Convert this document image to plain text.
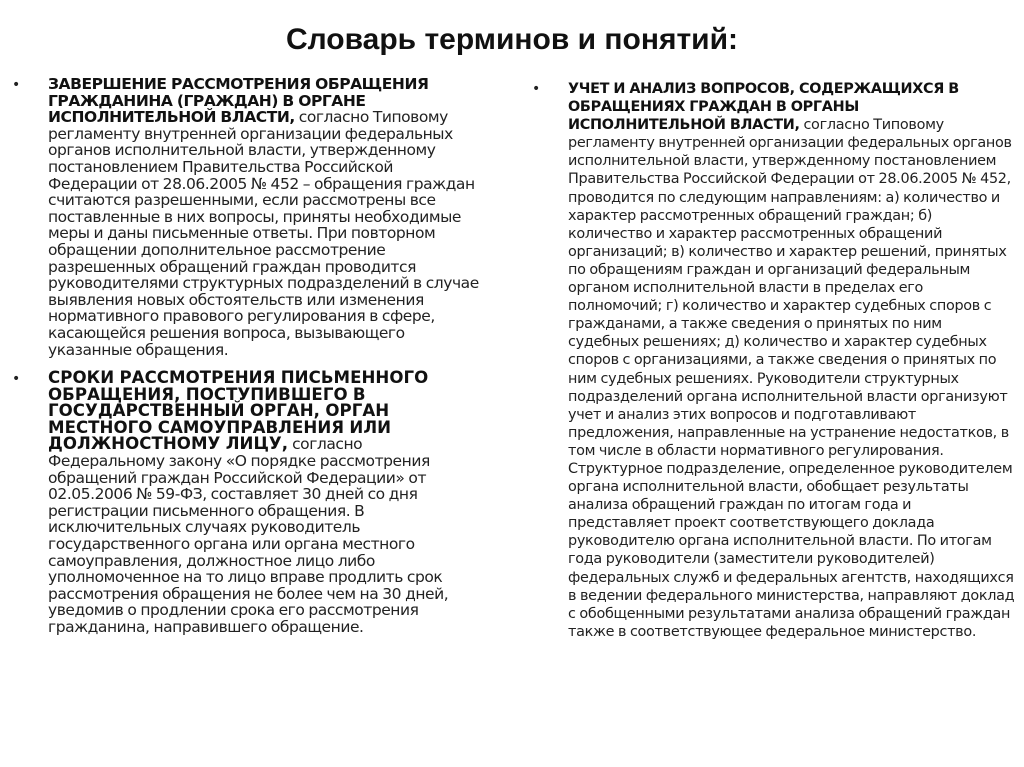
Словарь терминов и понятий:
• ЗАВЕРШЕНИЕ РАССМОТРЕНИЯ ОБРАЩЕНИЯ ГРАЖДАНИНА (ГРАЖДАН) В ОРГАНЕ ИСПОЛНИТЕЛЬНОЙ ВЛАСТИ, согласно Типовому регламенту внутренней организации федеральных органов исполнительной власти, утвержденному постановлением Правительства Российской Федерации от 28.06.2005 № 452 – обращения граждан считаются разрешенными, если рассмотрены все поставленные в них вопросы, приняты необходимые меры и даны письменные ответы. При повторном обращении дополнительное рассмотрение разрешенных обращений граждан проводится руководителями структурных подразделений в случае выявления новых обстоятельств или изменения нормативного правового регулирования в сфере, касающейся решения вопроса, вызывающего указанные обращения.
• СРОКИ РАССМОТРЕНИЯ ПИСЬМЕННОГО ОБРАЩЕНИЯ, ПОСТУПИВШЕГО В ГОСУДАРСТВЕННЫЙ ОРГАН, ОРГАН МЕСТНОГО САМОУПРАВЛЕНИЯ ИЛИ ДОЛЖНОСТНОМУ ЛИЦУ, согласно Федеральному закону «О порядке рассмотрения обращений граждан Российской Федерации» от 02.05.2006 № 59-ФЗ, составляет 30 дней со дня регистрации письменного обращения. В исключительных случаях руководитель государственного органа или органа местного самоуправления, должностное лицо либо уполномоченное на то лицо вправе продлить срок рассмотрения обращения не более чем на 30 дней, уведомив о продлении срока его рассмотрения гражданина, направившего обращение.
• УЧЕТ И АНАЛИЗ ВОПРОСОВ, СОДЕРЖАЩИХСЯ В ОБРАЩЕНИЯХ ГРАЖДАН В ОРГАНЫ ИСПОЛНИТЕЛЬНОЙ ВЛАСТИ, согласно Типовому регламенту внутренней организации федеральных органов исполнительной власти, утвержденному постановлением Правительства Российской Федерации от 28.06.2005 № 452, проводится по следующим направлениям: а) количество и характер рассмотренных обращений граждан; б) количество и характер рассмотренных обращений организаций; в) количество и характер решений, принятых по обращениям граждан и организаций федеральным органом исполнительной власти в пределах его полномочий; г) количество и характер судебных споров с гражданами, а также сведения о принятых по ним судебных решениях; д) количество и характер судебных споров с организациями, а также сведения о принятых по ним судебных решениях. Руководители структурных подразделений органа исполнительной власти организуют учет и анализ этих вопросов и подготавливают предложения, направленные на устранение недостатков, в том числе в области нормативного регулирования. Структурное подразделение, определенное руководителем органа исполнительной власти, обобщает результаты анализа обращений граждан по итогам года и представляет проект соответствующего доклада руководителю органа исполнительной власти. По итогам года руководители (заместители руководителей) федеральных служб и федеральных агентств, находящихся в ведении федерального министерства, направляют доклад с обобщенными результатами анализа обращений граждан также в соответствующее федеральное министерство.
